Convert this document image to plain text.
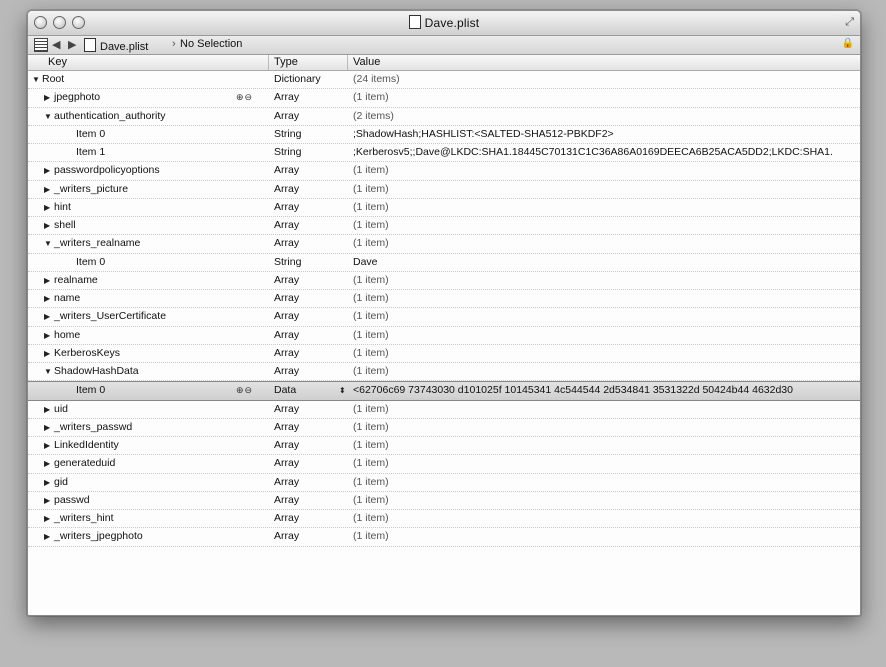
Dave.plist	⤢
◀ ▶	Dave.plist › No Selection	🔒
Key	Type	Value
▼ Root	Dictionary	(24 items)
▶ jpegphoto	⊕⊖ Array	(1 item)
▼ authentication_authority	Array	(2 items)
Item 0	String	;ShadowHash;HASHLIST:<SALTED-SHA512-PBKDF2>
Item 1	String	;Kerberosv5;;Dave@LKDC:SHA1.18445C70131C1C36A86A0169DEECA6B25ACA5DD2;LKDC:SHA1.
▶ passwordpolicyoptions	Array	(1 item)
▶ _writers_picture	Array	(1 item)
▶ hint	Array	(1 item)
▶ shell	Array	(1 item)
▼ _writers_realname	Array	(1 item)
Item 0	String	Dave
▶ realname	Array	(1 item)
▶ name	Array	(1 item)
▶ _writers_UserCertificate	Array	(1 item)
▶ home	Array	(1 item)
▶ KerberosKeys	Array	(1 item)
▼ ShadowHashData	Array	(1 item)
Item 0	⊕⊖ Data	⬍ <62706c69 73743030 d101025f 10145341 4c544544 2d534841 3531322d 50424b44 4632d30
▶ uid	Array	(1 item)
▶ _writers_passwd	Array	(1 item)
▶ LinkedIdentity	Array	(1 item)
▶ generateduid	Array	(1 item)
▶ gid	Array	(1 item)
▶ passwd	Array	(1 item)
▶ _writers_hint	Array	(1 item)
▶ _writers_jpegphoto	Array	(1 item)
